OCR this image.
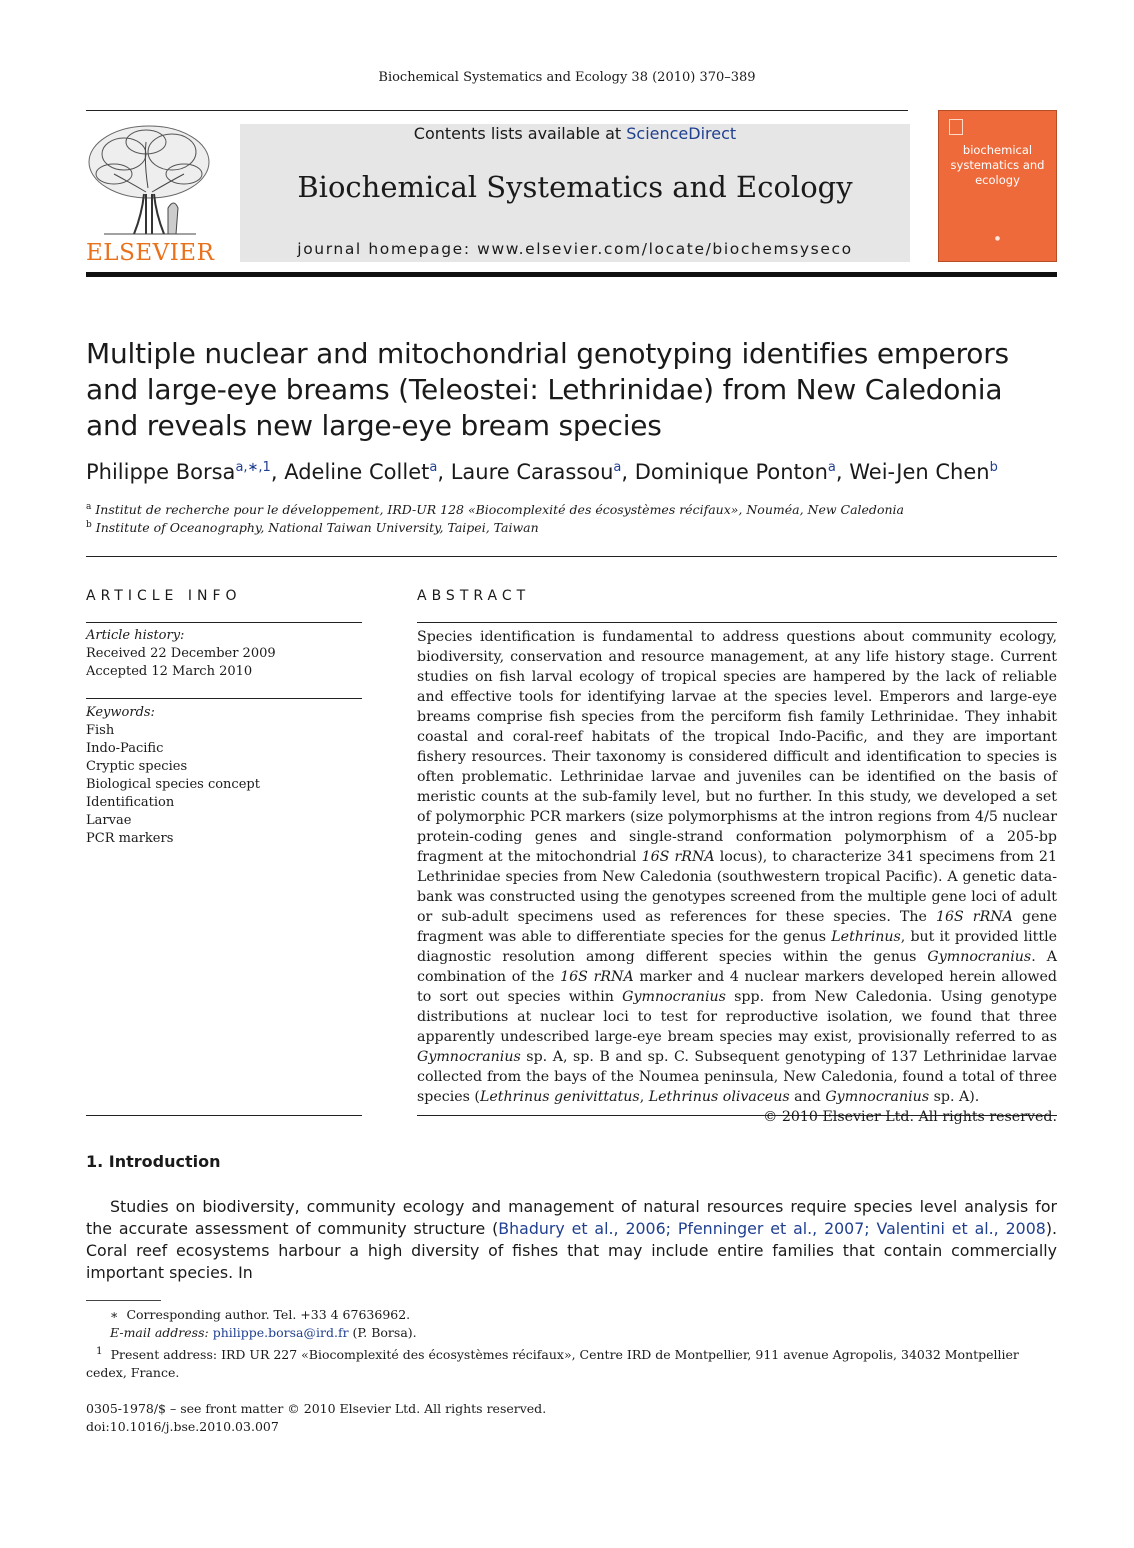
Biochemical Systematics and Ecology 38 (2010) 370–389
ELSEVIER
Contents lists available at ScienceDirect
Biochemical Systematics and Ecology
journal homepage: www.elsevier.com/locate/biochemsyseco
biochemical systematics and ecology
●
Multiple nuclear and mitochondrial genotyping identifies emperors and large-eye breams (Teleostei: Lethrinidae) from New Caledonia and reveals new large-eye bream species
Philippe Borsa$^{a,∗,1}$, Adeline Collet$^a$, Laure Carassou$^a$, Dominique Ponton$^a$, Wei-Jen Chen$^b$
$^a$ Institut de recherche pour le développement, IRD-UR 128 «Biocomplexité des écosystèmes récifaux», Nouméa, New Caledonia
$^b$ Institute of Oceanography, National Taiwan University, Taipei, Taiwan
ARTICLE INFO	ABSTRACT
Article history:
Received 22 December 2009
Accepted 12 March 2010
Keywords:
Fish
Indo-Pacific
Cryptic species
Biological species concept
Identification
Larvae
PCR markers
Species identification is fundamental to address questions about community ecology, biodiversity, conservation and resource management, at any life history stage. Current studies on fish larval ecology of tropical species are hampered by the lack of reliable and effective tools for identifying larvae at the species level. Emperors and large-eye breams comprise fish species from the perciform fish family Lethrinidae. They inhabit coastal and coral-reef habitats of the tropical Indo-Pacific, and they are important fishery resources. Their taxonomy is considered difficult and identification to species is often problematic. Lethrinidae larvae and juveniles can be identified on the basis of meristic counts at the sub-family level, but no further. In this study, we developed a set of polymorphic PCR markers (size polymorphisms at the intron regions from 4/5 nuclear protein-coding genes and single-strand conformation polymorphism of a 205-bp fragment at the mitochondrial 16S rRNA locus), to characterize 341 specimens from 21 Lethrinidae species from New Caledonia (southwestern tropical Pacific). A genetic data-bank was constructed using the genotypes screened from the multiple gene loci of adult or sub-adult specimens used as references for these species. The 16S rRNA gene fragment was able to differentiate species for the genus Lethrinus, but it provided little diagnostic resolution among different species within the genus Gymnocranius. A combination of the 16S rRNA marker and 4 nuclear markers developed herein allowed to sort out species within Gymnocranius spp. from New Caledonia. Using genotype distributions at nuclear loci to test for reproductive isolation, we found that three apparently undescribed large-eye bream species may exist, provisionally referred to as Gymnocranius sp. A, sp. B and sp. C. Subsequent genotyping of 137 Lethrinidae larvae collected from the bays of the Noumea peninsula, New Caledonia, found a total of three species (Lethrinus genivittatus, Lethrinus olivaceus and Gymnocranius sp. A).
© 2010 Elsevier Ltd. All rights reserved.
1. Introduction
Studies on biodiversity, community ecology and management of natural resources require species level analysis for the accurate assessment of community structure (Bhadury et al., 2006; Pfenninger et al., 2007; Valentini et al., 2008). Coral reef ecosystems harbour a high diversity of fishes that may include entire families that contain commercially important species. In
∗ Corresponding author. Tel. +33 4 67636962.
E-mail address: philippe.borsa@ird.fr (P. Borsa).
$^1$ Present address: IRD UR 227 «Biocomplexité des écosystèmes récifaux», Centre IRD de Montpellier, 911 avenue Agropolis, 34032 Montpellier cedex, France.
0305-1978/$ – see front matter © 2010 Elsevier Ltd. All rights reserved.
doi:10.1016/j.bse.2010.03.007
